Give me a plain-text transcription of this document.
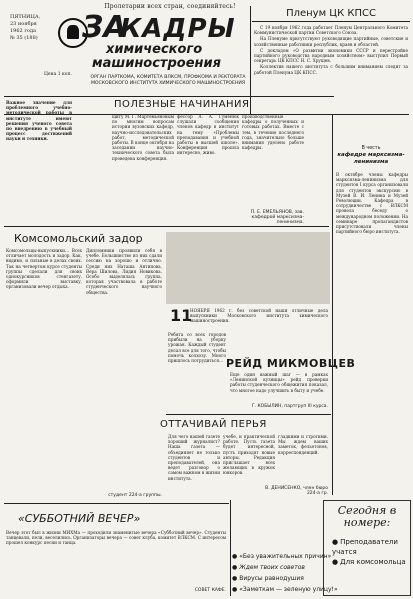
Пролетарии всех стран, соединяйтесь!
ПЯТНИЦА,
23 ноября
1962 года
№ 35 (188)
Цена 1 коп.
ЗА
КАДРЫ
химического
машиностроения
ОРГАН ПАРТКОМА, КОМИТЕТА ВЛКСМ, ПРОФКОМА И РЕКТОРАТА МОСКОВСКОГО ИНСТИТУТА ХИМИЧЕСКОГО МАШИНОСТРОЕНИЯ
Пленум ЦК КПСС

С 19 ноября 1962 года работает Пленум Центрального Комитета Коммунистической партии Советского Союза.

На Пленуме присутствуют руководящие партийные, советские и хозяйственные работники республик, краев и областей.

С докладом «О развитии экономики СССР и перестройке партийного руководства народным хозяйством» выступил Первый секретарь ЦК КПСС Н. С. Хрущев.

Коллектив нашего института с большим вниманием следит за работой Пленума ЦК КПСС.

ПОЛЕЗНЫЕ НАЧИНАНИЯ
Важное значение для проблемного учебно-методической работы в институте имеют решения ученого совета по внедрению в учебный процесс достижений науки и техники.
щиту М. Г. Мартемьяновым по многим вопросам истории вузовских кафедр, научно-исследовательских работ, методической работы. В конце октября на заседании научно-технического совета была проведена конференция.
фессор А. А. Гуменюк слушали сообщения членов кафедр в институт на тему «Проблемы преподавания и учебной работы в высшей школе». Конференция прошла интересно, живо.
производственные кафедры о полученных и готовых работах. Вместе с тем, в течение последнего года, значительно больше внимания уделено работе кафедры.
П. Е. ЕМЕЛЬЯНОВ, зав. кафедрой марксизма-ленинизма.
В честь
кафедре марксизма-ленинизма
В октябре члены кафедры марксизма-ленинизма для студентов I курса организовали для студентов экскурсию в Музей В. И. Ленина и Музей Революции. Кафедра в сотрудничестве с ВЛКСМ провела беседу о международном положении. На семинаре пропагандистов присутствовали члены партийного бюро института.
Комсомольский задор
Комсомольцы-выпускники… Всех отличает молодость и задор. Как, видимо, и сильные в делах своих. Так на четвертом курсе студенты группы сделали для своих однокурсников стенгазету, оформили выставку, организовали вечер отдыха.
Дипломники проявили себя в учебе. Большинство из них сдали сессию на хорошо и отлично. Среди них Наташа Антипова, Вера Шилова, Лидия Новикова. Особо выделялась группа, которая участвовала в работе студенческого научного общества.
студент 224-а группы.
11
НОЯБРЯ 1962 г. без советской наши отличные дела выпускники Московского института химического машиностроения.
Ребята со всех городов прибыли на уборку урожая. Каждый студент делал все для того, чтобы помочь колхозу. Много пришлось потрудиться… РЕЙД МИКМОВЦЕВ
Еще один важный шаг — в рамках «Ленинской кузницы» рейд проверки работы студенческого общежития показал, что многое надо улучшить в быту и учебе.
Г. КОБЫЛИН, партгруп III курса.
ОТТАЧИВАЙ ПЕРЬЯ
Для чего нашей газете хороший журналист? Наша газета — объединяет не только студентов и преподавателей, она ведет разговор о самом важном в жизни института.
учебе, и практической работе. Пусть газета будет интересной, пусть приходят новые авторы. Редакция приглашает всех желающих в кружок юнкоров.
гладкими и строгими. Мы ждем ваших заметок, фельетонов, корреспонденций.
В. ДЕНИСЕНКО, член бюро 224-а гр.
«СУББОТНИЙ ВЕЧЕР»
Вечер этот был в жизни МИХМа — проходили знаменитые вечера «Субботний вечер». Студенты танцевали, пели, веселились. Организаторы вечера — совет клуба, комитет ВЛКСМ. С интересом прошел конкурс песни и танца.
СОВЕТ КАФЕ.
● «Без уважительных причин»
● Ждем твоих советов
● Вирусы равнодушия
● «Заметкам — зеленую улицу!»
Сегодня в номере:
● Преподаватели учатся
● Для комсомольца
